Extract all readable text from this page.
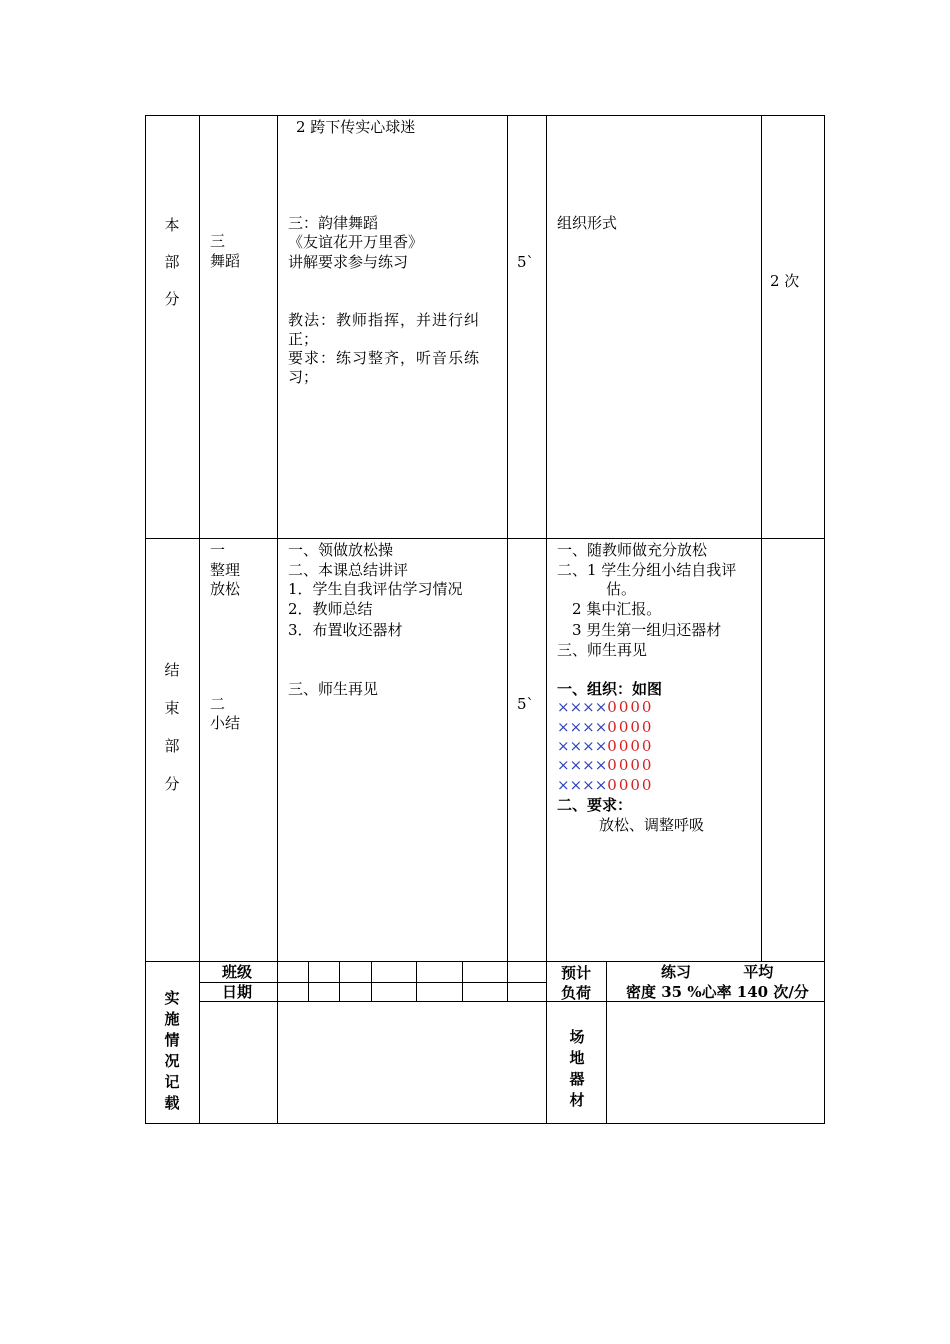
本
部
分
三
舞蹈
2 跨下传实心球迷
三：韵律舞蹈
《友谊花开万里香》
讲解要求参与练习
教法：教师指挥，并进行纠
正；
要求：练习整齐，听音乐练
习；
5`
组织形式
2 次
结
束
部
分
一
整理
放松
二
小结
一、领做放松操
二、本课总结讲评
1．学生自我评估学习情况
2．教师总结
3．布置收还器材
三、师生再见
5`
一、随教师做充分放松
二、1 学生分组小结自我评
估。
2 集中汇报。
3 男生第一组归还器材
三、师生再见
一、组织：如图
××××0000
××××0000
××××0000
××××0000
××××0000
二、要求：
放松、调整呼吸
实
施
情
况
记
载
班级
日期
预计
负荷
练习          平均
密度 35 %心率 140 次/分
场
地
器
材
